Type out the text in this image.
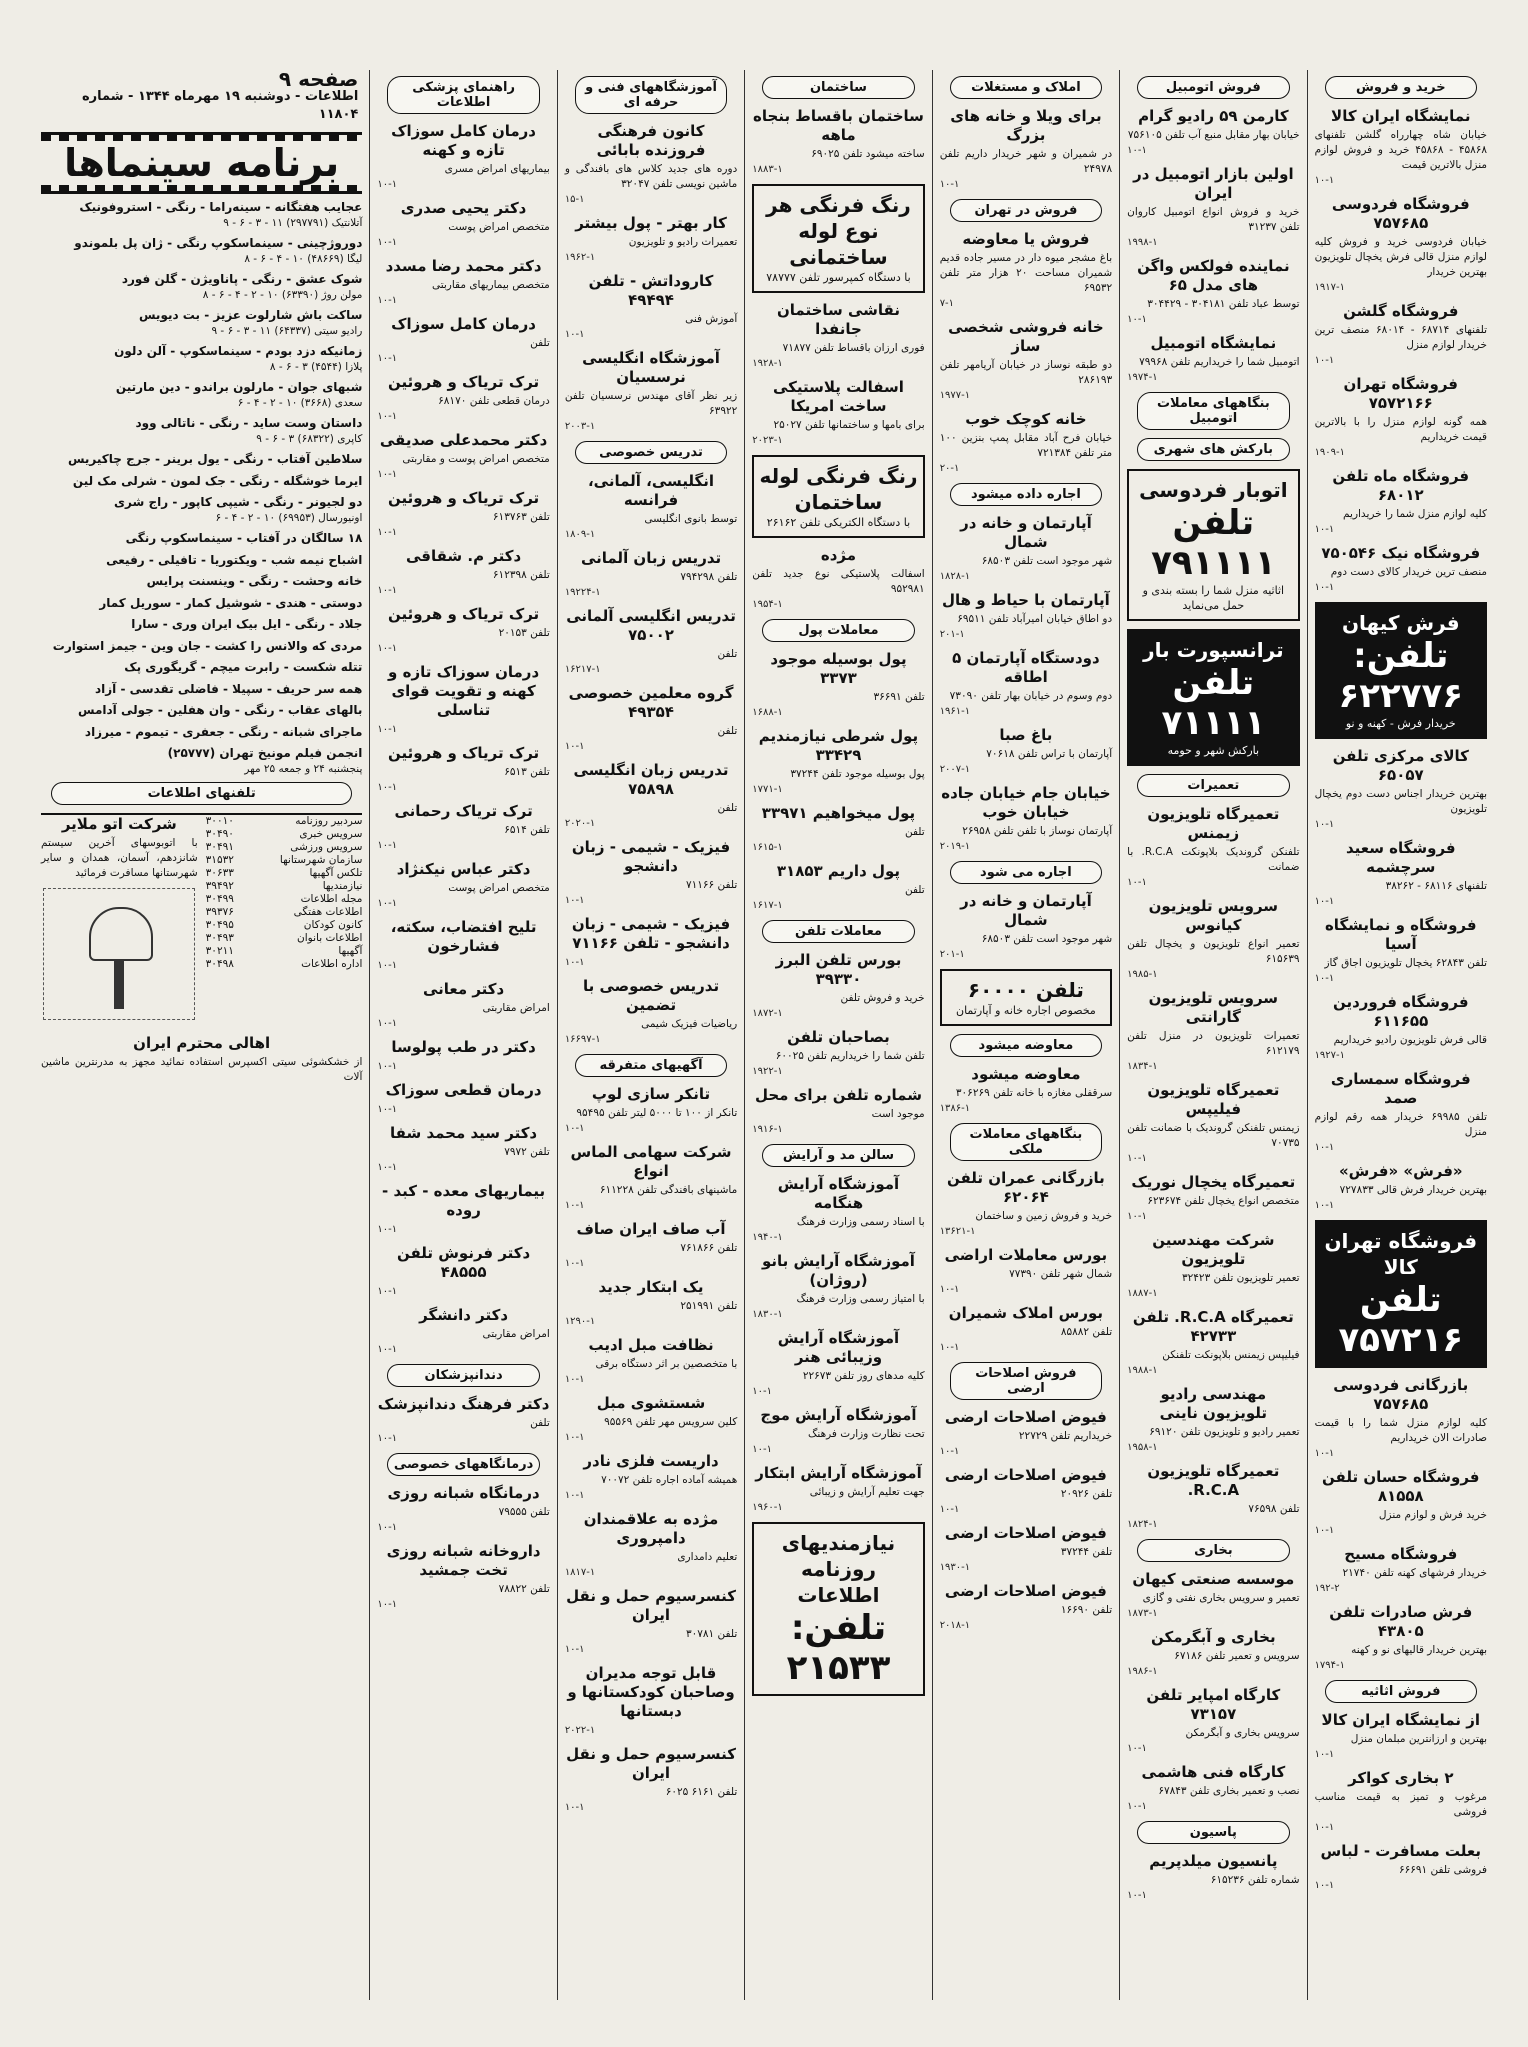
خرید و فروش
نمایشگاه ایران کالا

خیابان شاه چهارراه گلشن تلفنهای ۴۵۸۶۸ - ۴۵۸۶۸ خرید و فروش لوازم منزل بالاترین قیمت

۱۰-۱
فروشگاه فردوسی ۷۵۷۶۸۵

خیابان فردوسی خرید و فروش کلیه لوازم منزل قالی فرش یخچال تلویزیون بهترین خریدار

۱۹۱۷-۱
فروشگاه گلشن

تلفنهای ۶۸۷۱۴ - ۶۸۰۱۴ منصف ترین خریدار لوازم منزل

۱۰-۱
فروشگاه تهران ۷۵۷۲۱۶۶

همه گونه لوازم منزل را با بالاترین قیمت خریداریم

۱۹۰۹-۱
فروشگاه ماه تلفن ۶۸۰۱۲

کلیه لوازم منزل شما را خریداریم

۱۰-۱
فروشگاه نیک ۷۵۰۵۴۶

منصف ترین خریدار کالای دست دوم

۱۰-۱
فرش کیهان
تلفن: ۶۲۲۷۷۶
خریدار فرش - کهنه و نو
کالای مرکزی تلفن ۶۵۰۵۷

بهترین خریدار اجناس دست دوم یخچال تلویزیون

۱۰-۱
فروشگاه سعید سرچشمه

تلفنهای ۶۸۱۱۶ - ۳۸۲۶۲

۱۰-۱
فروشگاه و نمایشگاه آسیا

تلفن ۶۲۸۴۳ یخچال تلویزیون اجاق گاز

۱۰-۱
فروشگاه فروردین ۶۱۱۶۵۵

قالی فرش تلویزیون رادیو خریداریم

۱۹۲۷-۱
فروشگاه سمساری صمد

تلفن ۶۹۹۸۵ خریدار همه رقم لوازم منزل

۱۰-۱
«فرش» «فرش»

بهترین خریدار فرش قالی ۷۲۷۸۳۳

۱۰-۱
فروشگاه تهران کالا
تلفن ۷۵۷۲۱۶
بازرگانی فردوسی ۷۵۷۶۸۵

کلیه لوازم منزل شما را با قیمت صادرات الان خریداریم

۱۰-۱
فروشگاه حسان تلفن ۸۱۵۵۸

خرید فرش و لوازم منزل

۱۰-۱
فروشگاه مسیح

خریدار فرشهای کهنه تلفن ۲۱۷۴۰

۱۹۲-۲
فرش صادرات تلفن ۴۳۸۰۵

بهترین خریدار قالیهای نو و کهنه

۱۷۹۴-۱
فروش اثاثیه
از نمایشگاه ایران کالا

بهترین و ارزانترین مبلمان منزل

۱۰-۱
۲ بخاری کواکر

مرغوب و تمیز به قیمت مناسب فروشی

۱۰-۱
بعلت مسافرت - لباس

فروشی تلفن ۶۶۶۹۱

۱۰-۱
فروش اتومبیل
کارمن ۵۹ رادیو گرام

خیابان بهار مقابل منبع آب تلفن ۷۵۶۱۰۵

۱۰-۱
اولین بازار اتومبیل در ایران

خرید و فروش انواع اتومبیل کاروان تلفن ۳۱۲۳۷

۱۹۹۸-۱
نماینده فولکس واگن های مدل ۶۵

توسط عباد تلفن ۳۰۴۱۸۱ - ۳۰۴۴۲۹

۱۰-۱
نمایشگاه اتومبیل

اتومبیل شما را خریداریم تلفن ۷۹۹۶۸

۱۹۷۴-۱
بنگاههای معاملات اتومبیل
بارکش های شهری
اتوبار فردوسی
تلفن ۷۹۱۱۱۱
اثاثیه منزل شما را بسته بندی و حمل می‌نماید
ترانسپورت بار
تلفن ۷۱۱۱۱
بارکش شهر و حومه
تعمیرات
تعمیرگاه تلویزیون زیمنس

تلفنکن گروندیک بلاپونکت R.C.A. با ضمانت

۱۰-۱
سرویس تلویزیون کیانوس

تعمیر انواع تلویزیون و یخچال تلفن ۶۱۵۶۳۹

۱۹۸۵-۱
سرویس تلویزیون گارانتی

تعمیرات تلویزیون در منزل تلفن ۶۱۲۱۷۹

۱۸۳۴-۱
تعمیرگاه تلویزیون فیلیپس

زیمنس تلفنکن گروندیک با ضمانت تلفن ۷۰۷۳۵

۱۰-۱
تعمیرگاه یخچال نوریک

متخصص انواع یخچال تلفن ۶۲۳۶۷۴

۱۰-۱
شرکت مهندسین تلویزیون

تعمیر تلویزیون تلفن ۳۲۴۲۳

۱۸۸۷-۱
تعمیرگاه R.C.A. تلفن ۴۲۷۳۳

فیلیپس زیمنس بلاپونکت تلفنکن

۱۹۸۸-۱
مهندسی رادیو تلویزیون ناینی

تعمیر رادیو و تلویزیون تلفن ۶۹۱۲۰

۱۹۵۸-۱
تعمیرگاه تلویزیون R.C.A.

تلفن ۷۶۵۹۸

۱۸۲۴-۱
بخاری
موسسه صنعتی کیهان

تعمیر و سرویس بخاری نفتی و گازی

۱۸۷۳-۱
بخاری و آبگرمکن

سرویس و تعمیر تلفن ۶۷۱۸۶

۱۹۸۶-۱
کارگاه امپایر تلفن ۷۳۱۵۷

سرویس بخاری و آبگرمکن

۱۰-۱
کارگاه فنی هاشمی

نصب و تعمیر بخاری تلفن ۶۷۸۴۳

۱۰-۱
پاسیون
پانسیون میلدپریم

شماره تلفن ۶۱۵۲۳۶

۱۰-۱
املاک و مستغلات
برای ویلا و خانه های بزرگ

در شمیران و شهر خریدار داریم تلفن ۲۴۹۷۸

۱۰-۱
فروش در تهران
فروش یا معاوضه

باغ مشجر میوه دار در مسیر جاده قدیم شمیران مساحت ۲۰ هزار متر تلفن ۶۹۵۳۲

۷-۱
خانه فروشی شخصی ساز

دو طبقه نوساز در خیابان آریامهر تلفن ۲۸۶۱۹۳

۱۹۷۷-۱
خانه کوچک خوب

خیابان فرح آباد مقابل پمپ بنزین ۱۰۰ متر تلفن ۷۲۱۳۸۴

۲۰-۱
اجاره داده میشود
آپارتمان و خانه در شمال

شهر موجود است تلفن ۶۸۵۰۳

۱۸۲۸-۱
آپارتمان با حیاط و هال

دو اطاق خیابان امیرآباد تلفن ۶۹۵۱۱

۲۰۱-۱
دودستگاه آپارتمان ۵ اطاقه

دوم وسوم در خیابان بهار تلفن ۷۳۰۹۰

۱۹۶۱-۱
باغ صبا

آپارتمان با تراس تلفن ۷۰۶۱۸

۲۰۰۷-۱
خیابان جام خیابان جاده خیابان خوب

آپارتمان نوساز با تلفن تلفن ۲۶۹۵۸

۲۰۱۹-۱
اجاره می شود
آپارتمان و خانه در شمال

شهر موجود است تلفن ۶۸۵۰۳

۲۰۱-۱
تلفن ۶۰۰۰۰
مخصوص اجاره خانه و آپارتمان
معاوضه میشود
معاوضه میشود

سرقفلی مغازه با خانه تلفن ۳۰۶۲۶۹

۱۳۸۶-۱
بنگاههای معاملات ملکی
بازرگانی عمران تلفن ۶۲۰۶۴

خرید و فروش زمین و ساختمان

۱۳۶۲۱-۱
بورس معاملات اراضی

شمال شهر تلفن ۷۷۳۹۰

۱۰-۱
بورس املاک شمیران

تلفن ۸۵۸۸۲

۱۰-۱
فروش اصلاحات ارضی
فیوض اصلاحات ارضی

خریداریم تلفن ۲۲۷۲۹

۱۰-۱
فیوض اصلاحات ارضی

تلفن ۲۰۹۲۶

۱۰-۱
فیوض اصلاحات ارضی

تلفن ۳۷۲۴۴

۱۹۳۰-۱
فیوض اصلاحات ارضی

تلفن ۱۶۶۹۰

۲۰۱۸-۱
ساختمان
ساختمان باقساط بنجاه ماهه

ساخته میشود تلفن ۶۹۰۲۵

۱۸۸۳-۱
رنگ فرنگی هر نوع لوله ساختمانی
با دستگاه کمپرسور تلفن ۷۸۷۷۷
نقاشی ساختمان جانفدا

فوری ارزان باقساط تلفن ۷۱۸۷۷

۱۹۲۸-۱
اسفالت پلاستیکی ساخت امریکا

برای بامها و ساختمانها تلفن ۲۵۰۲۷

۲۰۲۳-۱
رنگ فرنگی لوله ساختمان
با دستگاه الکتریکی تلفن ۲۶۱۶۲
مژده

اسفالت پلاستیکی نوع جدید تلفن ۹۵۲۹۸۱

۱۹۵۴-۱
معاملات پول
پول بوسیله موجود ۳۳۷۳

تلفن ۳۶۶۹۱

۱۶۸۸-۱
پول شرطی نیازمندیم ۳۳۴۲۹

پول بوسیله موجود تلفن ۳۷۲۴۴

۱۷۷۱-۱
پول میخواهیم ۳۳۹۷۱

تلفن

۱۶۱۵-۱
پول داریم ۳۱۸۵۳

تلفن

۱۶۱۷-۱
معاملات تلفن
بورس تلفن البرز ۳۹۳۳۰

خرید و فروش تلفن

۱۸۷۲-۱
بصاحبان تلفن

تلفن شما را خریداریم تلفن ۶۰۰۲۵

۱۹۲۲-۱
شماره تلفن برای محل

موجود است

۱۹۱۶-۱
سالن مد و آرایش
آموزشگاه آرایش هنگامه

با اسناد رسمی وزارت فرهنگ

۱۹۴۰-۱
آموزشگاه آرایش بانو (روژان)

با امتیاز رسمی وزارت فرهنگ

۱۸۳۰-۱
آموزشگاه آرایش وزیبائی هنر

کلیه مدهای روز تلفن ۲۲۶۷۳

۱۰-۱
آموزشگاه آرایش موج

تحت نظارت وزارت فرهنگ

۱۰-۱
آموزشگاه آرایش ابتکار

جهت تعلیم آرایش و زیبائی

۱۹۶۰-۱
نیازمندیهای روزنامه اطلاعات
تلفن: ۲۱۵۳۳
آموزشگاههای فنی و حرفه ای
کانون فرهنگی فروزنده بابائی

دوره های جدید کلاس های بافندگی و ماشین نویسی تلفن ۳۲۰۴۷

۱۵-۱
کار بهتر - پول بیشتر

تعمیرات رادیو و تلویزیون

۱۹۶۲-۱
کاروداتش - تلفن ۴۹۴۹۴

آموزش فنی

۱۰-۱
آموزشگاه انگلیسی نرسسیان

زیر نظر آقای مهندس نرسسیان تلفن ۶۳۹۲۲

۲۰۰۳-۱
تدریس خصوصی
انگلیسی، آلمانی، فرانسه

توسط بانوی انگلیسی

۱۸۰۹-۱
تدریس زبان آلمانی

تلفن ۷۹۴۲۹۸

۱۹۲۲۴-۱
تدریس انگلیسی آلمانی ۷۵۰۰۲

تلفن

۱۶۲۱۷-۱
گروه معلمین خصوصی ۴۹۳۵۴

تلفن

۱۰-۱
تدریس زبان انگلیسی ۷۵۸۹۸

تلفن

۲۰۲۰-۱
فیزیک - شیمی - زبان دانشجو

تلفن ۷۱۱۶۶

۱۰-۱
فیزیک - شیمی - زبان دانشجو - تلفن ۷۱۱۶۶
۱۰-۱
تدریس خصوصی با تضمین

ریاضیات فیزیک شیمی

۱۶۶۹۷-۱
آگهیهای متفرقه
تانکر سازی لوپ

تانکر از ۱۰۰ تا ۵۰۰۰ لیتر تلفن ۹۵۴۹۵

۱۰-۱
شرکت سهامی الماس انواع

ماشینهای بافندگی تلفن ۶۱۱۲۲۸

۱۰-۱
آب صاف ایران صاف

تلفن ۷۶۱۸۶۶

۱۰-۱
یک ابتکار جدید

تلفن ۲۵۱۹۹۱

۱۲۹۰-۱
نظافت مبل ادیب

با متخصصین بر اثر دستگاه برقی

۱۰-۱
شستشوی مبل

کلین سرویس مهر تلفن ۹۵۵۶۹

۱۰-۱
داریست فلزی نادر

همیشه آماده اجاره تلفن ۷۰۰۷۲

۱۰-۱
مژده به علاقمندان دامپروری

تعلیم دامداری

۱۸۱۷-۱
کنسرسیوم حمل و نقل ایران

تلفن ۳۰۷۸۱

۱۰-۱
قابل توجه مدیران وصاحبان کودکستانها و دبستانها
۲۰۲۲-۱
کنسرسیوم حمل و نقل ایران

تلفن ۶۱۶۱ ۶۰۲۵

۱۰-۱
راهنمای پزشکی اطلاعات
درمان کامل سوزاک تازه و کهنه

بیماریهای امراض مسری

۱۰-۱
دکتر یحیی صدری

متخصص امراض پوست

۱۰-۱
دکتر محمد رضا مسدد

متخصص بیماریهای مقاربتی

۱۰-۱
درمان کامل سوزاک

تلفن

۱۰-۱
ترک تریاک و هروئین

درمان قطعی تلفن ۶۸۱۷۰

۱۰-۱
دکتر محمدعلی صدیقی

متخصص امراض پوست و مقاربتی

۱۰-۱
ترک تریاک و هروئین

تلفن ۶۱۳۷۶۳

۱۰-۱
دکتر م. شقاقی

تلفن ۶۱۲۳۹۸

۱۰-۱
ترک تریاک و هروئین

تلفن ۲۰۱۵۳

۱۰-۱
درمان سوزاک تازه و کهنه و تقویت قوای تناسلی
۱۰-۱
ترک تریاک و هروئین

تلفن ۶۵۱۳

۱۰-۱
ترک تریاک رحمانی

تلفن ۶۵۱۴

۱۰-۱
دکتر عباس نیکنژاد

متخصص امراض پوست

۱۰-۱
تلیح افتضاب، سکته، فشارخون
۱۰-۱
دکتر معانی

امراض مقاربتی

۱۰-۱
دکتر در طب پولوسا
۱۰-۱
درمان قطعی سوزاک
۱۰-۱
دکتر سید محمد شفا

تلفن ۷۹۷۲

۱۰-۱
بیماریهای معده - کبد - روده
۱۰-۱
دکتر فرنوش تلفن ۴۸۵۵۵
۱۰-۱
دکتر دانشگر

امراض مقاربتی

۱۰-۱
دندانپزشکان
دکتر فرهنگ دندانپزشک

تلفن

۱۰-۱
درمانگاههای خصوصی
درمانگاه شبانه روزی

تلفن ۷۹۵۵۵

۱۰-۱
داروخانه شبانه روزی تخت جمشید

تلفن ۷۸۸۲۲

۱۰-۱
صفحه ۹
اطلاعات - دوشنبه ۱۹ مهرماه ۱۳۴۴ - شماره ۱۱۸۰۴
برنامه سینماها
عجایب هفتگانه - سینه‌راما - رنگی - استروفونیک
آتلانتیک (۲۹۷۷۹۱) ۱۱ - ۳ - ۶ - ۹
دوروژچینی - سینماسکوپ رنگی - ژان پل بلموندو
لیگا (۴۸۶۶۹) ۱۰ - ۴ - ۶ - ۸
شوک عشق - رنگی - پاناویژن - گلن فورد
مولن روژ (۶۳۳۹۰) ۱۰ - ۲ - ۴ - ۶ - ۸
ساکت باش شارلوت عزیز - بت دیویس
رادیو سیتی (۶۴۳۳۷) ۱۱ - ۳ - ۶ - ۹
زمانیکه دزد بودم - سینماسکوپ - آلن دلون
پلازا (۴۵۴۴) ۳ - ۶ - ۸
شبهای جوان - مارلون براندو - دین مارتین
سعدی (۳۶۶۸) ۱۰ - ۲ - ۴ - ۶
داستان وست ساید - رنگی - ناتالی وود
کاپری (۶۸۳۲۲) ۳ - ۶ - ۹
سلاطین آفتاب - رنگی - یول برینر - جرج چاکیریس
ایرما خوشگله - رنگی - جک لمون - شرلی مک لین
دو لجیونر - رنگی - شیپی کاپور - راج شری
اونیورسال (۶۹۹۵۳) ۱۰ - ۲ - ۴ - ۶
۱۸ سالگان در آفتاب - سینماسکوپ رنگی
اشباح نیمه شب - ویکتوریا - تافیلی - رفیعی
خانه وحشت - رنگی - وینسنت پرایس
دوستی - هندی - شوشیل کمار - سوریل کمار
جلاد - رنگی - ایل بیک ایران وری - سارا
مردی که والانس را کشت - جان وین - جیمز استوارت
تتله شکست - رابرت میچم - گریگوری پک
همه سر حریف - سپیلا - فاضلی تقدسی - آزاد
بالهای عقاب - رنگی - وان هفلین - جولی آدامس
ماجرای شبانه - رنگی - جعفری - تیموم - میرزاد
انجمن فیلم مونیخ تهران (۲۵۷۷۷)
پنجشنبه ۲۴ و جمعه ۲۵ مهر
تلفنهای اطلاعات
سردبیر روزنامه
۳۰۰۱۰
سرویس خبری
۳۰۴۹۰
سرویس ورزشی
۳۰۴۹۱
سازمان شهرستانها
۳۱۵۳۲
تلکس آگهیها
۳۰۶۳۳
نیازمندیها
۳۹۴۹۲
مجله اطلاعات
۳۰۴۹۹
اطلاعات هفتگی
۳۹۳۷۶
کانون کودکان
۳۰۴۹۵
اطلاعات بانوان
۳۰۴۹۳
آگهیها
۳۰۲۱۱
اداره اطلاعات
۳۰۴۹۸
شرکت اتو ملایر

با اتوبوسهای آخرین سیستم شانزدهم، آسمان، همدان و سایر شهرستانها مسافرت فرمائید

اهالی محترم ایران

از خشکشوئی سیتی اکسپرس استفاده نمائید مجهز به مدرنترین ماشین آلات
